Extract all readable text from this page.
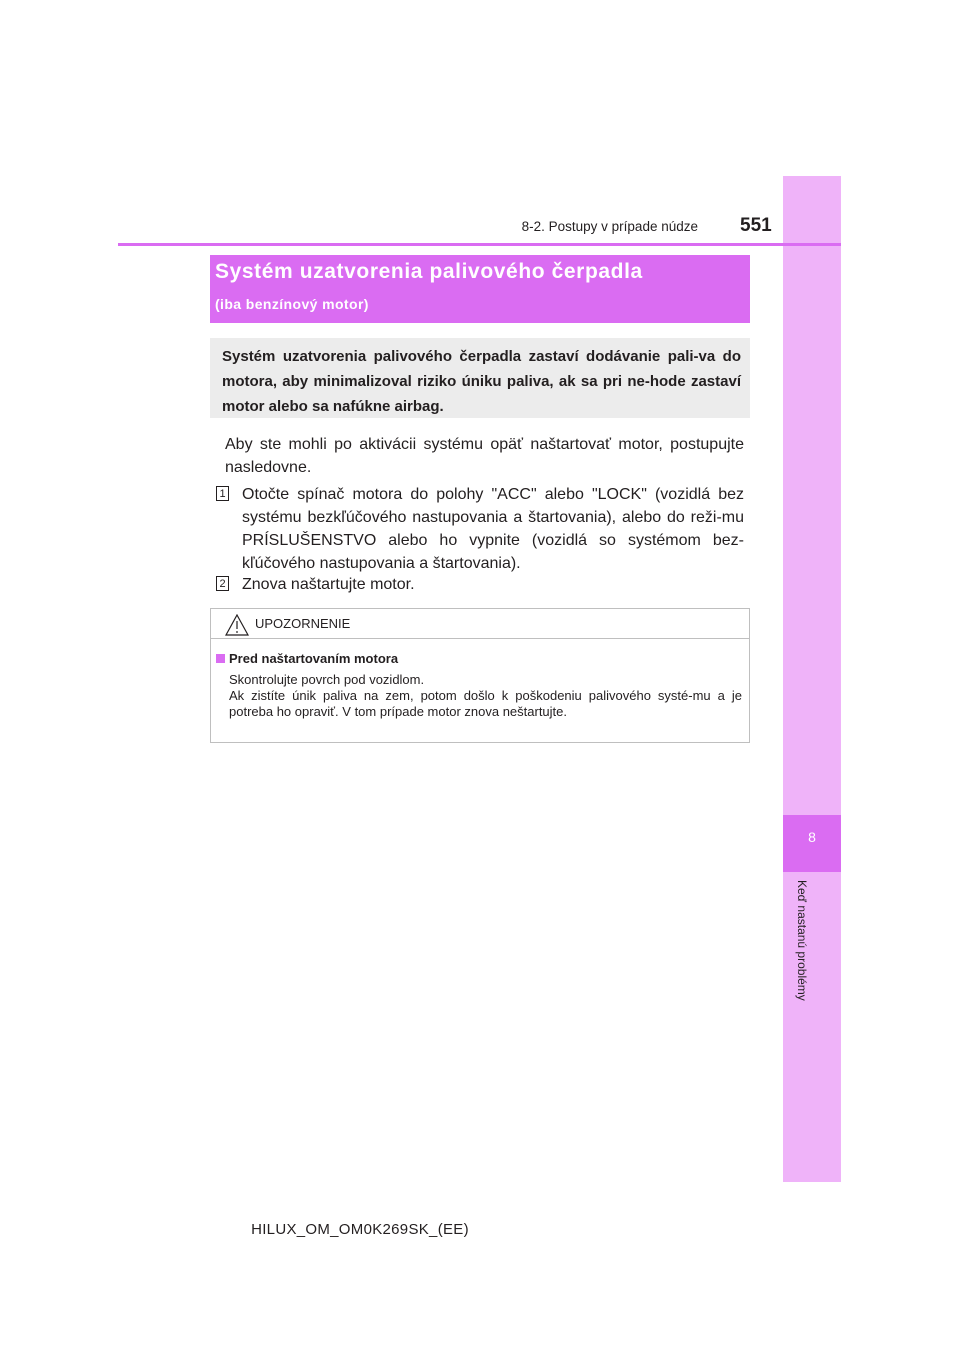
8
Keď nastanú problémy
8-2. Postupy v prípade núdze 551
Systém uzatvorenia palivového čerpadla
(iba benzínový motor)
Systém uzatvorenia palivového čerpadla zastaví dodávanie pali-va do motora, aby minimalizoval riziko úniku paliva, ak sa pri ne-hode zastaví motor alebo sa nafúkne airbag.
Aby ste mohli po aktivácii systému opäť naštartovať motor, postupujte nasledovne.
1 Otočte spínač motora do polohy "ACC" alebo "LOCK" (vozidlá bez systému bezkľúčového nastupovania a štartovania), alebo do reži-mu PRÍSLUŠENSTVO alebo ho vypnite (vozidlá so systémom bez-kľúčového nastupovania a štartovania).
2 Znova naštartujte motor.
UPOZORNENIE
Pred naštartovaním motora
Skontrolujte povrch pod vozidlom.
Ak zistíte únik paliva na zem, potom došlo k poškodeniu palivového systé-mu a je potreba ho opraviť. V tom prípade motor znova neštartujte.
HILUX_OM_OM0K269SK_(EE)
